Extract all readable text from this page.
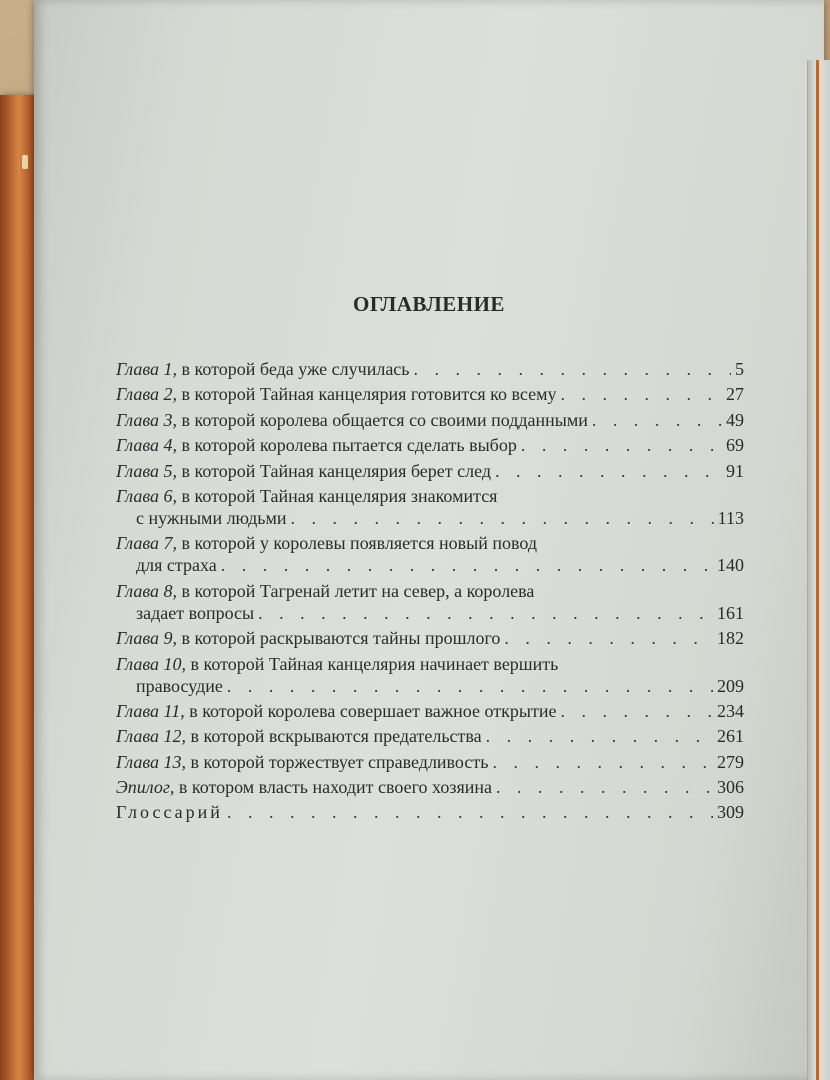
ОГЛАВЛЕНИЕ
Глава 1, в которой беда уже случилась . . .	5
Глава 2, в которой Тайная канцелярия готовится ко всему . . .	27
Глава 3, в которой королева общается со своими подданными . . .	49
Глава 4, в которой королева пытается сделать выбор . . .	69
Глава 5, в которой Тайная канцелярия берет след . . .	91
Глава 6, в которой Тайная канцелярия знакомится
с нужными людьми . . .	113
Глава 7, в которой у королевы появляется новый повод
для страха . . .	140
Глава 8, в которой Тагренай летит на север, а королева
задает вопросы . . .	161
Глава 9, в которой раскрываются тайны прошлого . . .	182
Глава 10, в которой Тайная канцелярия начинает вершить
правосудие . . .	209
Глава 11, в которой королева совершает важное открытие . . .	234
Глава 12, в которой вскрываются предательства . . .	261
Глава 13, в которой торжествует справедливость . . .	279
Эпилог, в котором власть находит своего хозяина . . .	306
Глоссарий . . .	309
